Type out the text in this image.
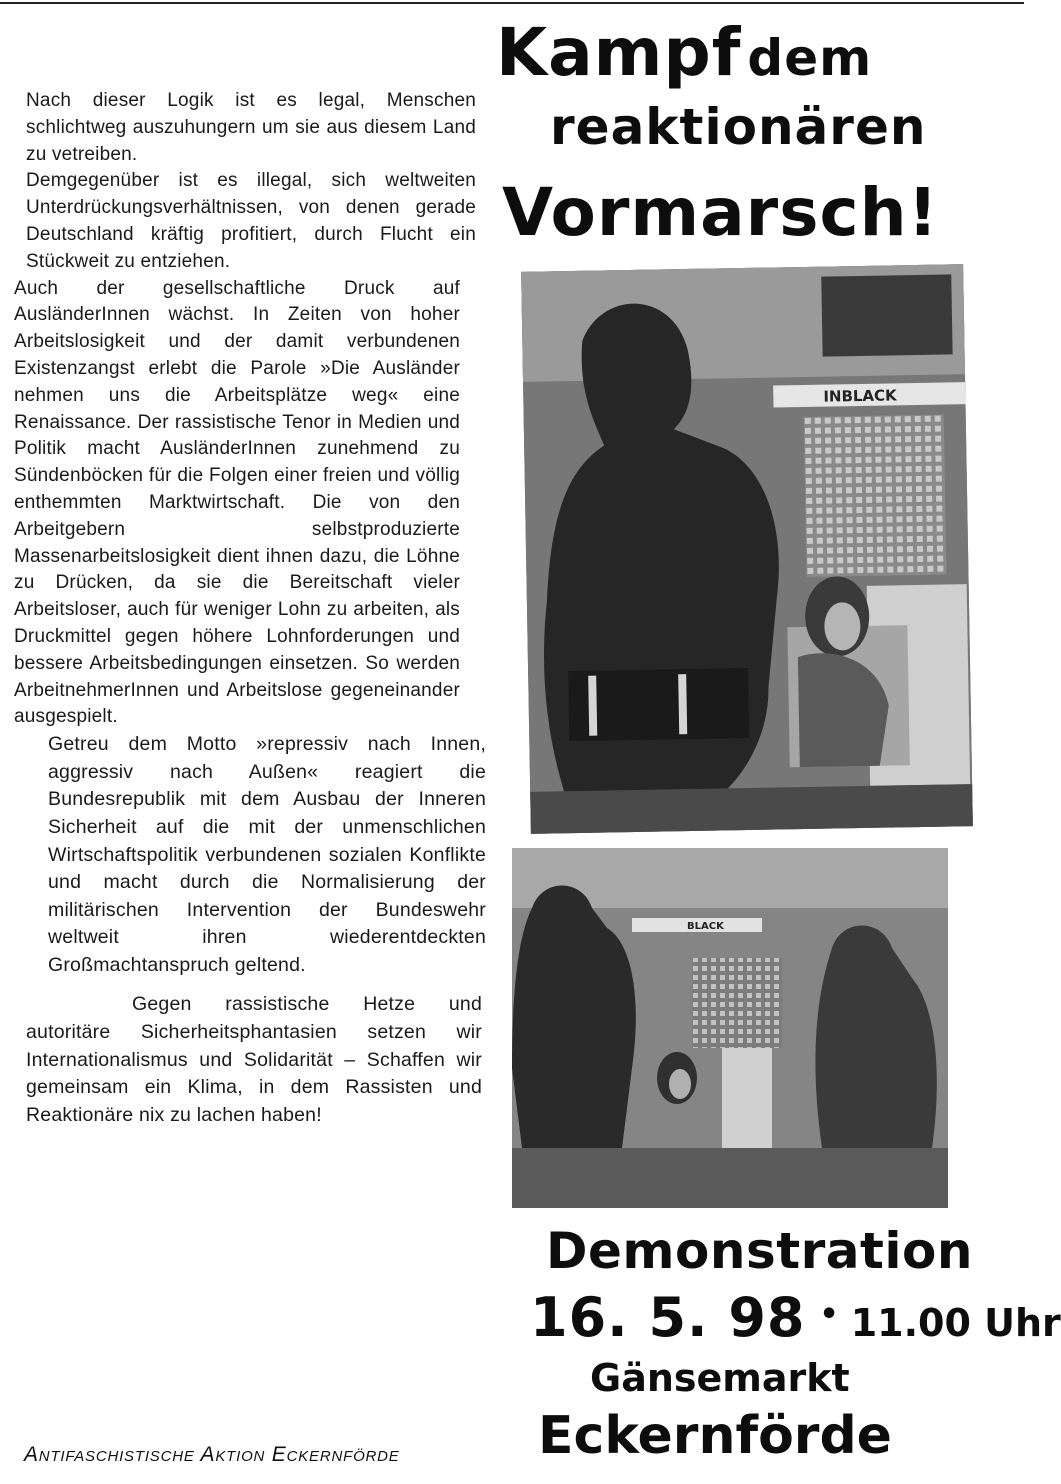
Nach dieser Logik ist es legal, Menschen schlichtweg auszuhungern um sie aus diesem Land zu vetreiben.

Demgegenüber ist es illegal, sich weltweiten Unterdrückungsverhältnissen, von denen gerade Deutschland kräftig profitiert, durch Flucht ein Stückweit zu entziehen.

Auch der gesellschaftliche Druck auf AusländerInnen wächst. In Zeiten von hoher Arbeitslosigkeit und der damit verbundenen Existenzangst erlebt die Parole »Die Ausländer nehmen uns die Arbeitsplätze weg« eine Renaissance. Der rassistische Tenor in Medien und Politik macht AusländerInnen zunehmend zu Sündenböcken für die Folgen einer freien und völlig enthemmten Marktwirtschaft. Die von den Arbeitgebern selbstproduzierte Massenarbeitslosigkeit dient ihnen dazu, die Löhne zu Drücken, da sie die Bereitschaft vieler Arbeitsloser, auch für weniger Lohn zu arbeiten, als Druckmittel gegen höhere Lohnforderungen und bessere Arbeitsbedingungen einsetzen. So werden ArbeitnehmerInnen und Arbeitslose gegeneinander ausgespielt.

Getreu dem Motto »repressiv nach Innen, aggressiv nach Außen« reagiert die Bundesrepublik mit dem Ausbau der Inneren Sicherheit auf die mit der unmenschlichen Wirtschaftspolitik verbundenen sozialen Konflikte und macht durch die Normalisierung der militärischen Intervention der Bundeswehr weltweit ihren wiederentdeckten Großmachtanspruch geltend.

Gegen rassistische Hetze und autoritäre Sicherheitsphantasien setzen wir Internationalismus und Solidarität – Schaffen wir gemeinsam ein Klima, in dem Rassisten und Reaktionäre nix zu lachen haben!

Antifaschistische Aktion Eckernförde
Kampf dem
reaktionären
Vormarsch!
INBLACK
BLACK
Demonstration
16. 5. 98 • 11.00 Uhr
Gänsemarkt
Eckernförde
